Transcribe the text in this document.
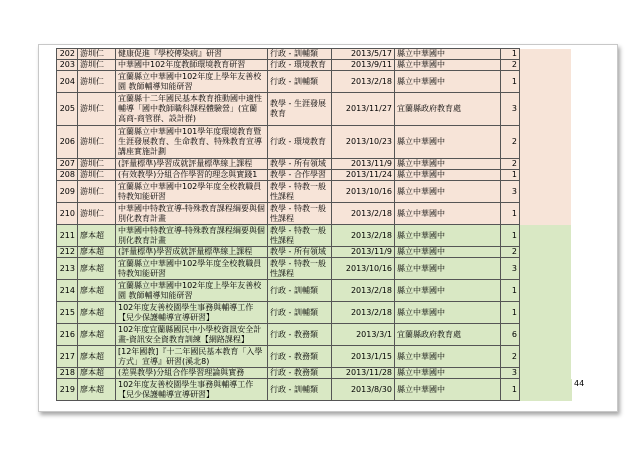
202	游圳仁	健康促進『學校傳染病』研習	行政 - 訓輔類	2013/5/17	縣立中華國中	1	
203	游圳仁	中華國中102年度教師環境教育研習	行政 - 環境教育	2013/9/11	縣立中華國中	2	
204	游圳仁	宜蘭縣立中華國中102年度上學年友善校園 教師輔導知能研習	行政 - 訓輔類	2013/2/18	縣立中華國中	1	
205	游圳仁	宜蘭縣十二年國民基本教育推動國中適性輔導「國中教師職科課程體驗營」(宜蘭高商-商管群、設計群)	教學 - 生涯發展教育	2013/11/27	宜蘭縣政府教育處	3	
206	游圳仁	宜蘭縣立中華國中101學年度環境教育暨生涯發展教育、生命教育、特殊教育宣導講座實施計劃	行政 - 環境教育	2013/10/23	縣立中華國中	2	
207	游圳仁	(評量標準)學習成就評量標準線上課程	教學 - 所有領域	2013/11/9	縣立中華國中	2	
208	游圳仁	(有效教學)分組合作學習的理念與實踐1	教學 - 合作學習	2013/11/24	縣立中華國中	1	
209	游圳仁	宜蘭縣立中華國中102學年度全校教職員特教知能研習	教學 - 特教一般性課程	2013/10/16	縣立中華國中	3	
210	游圳仁	中華國中特教宣導-特殊教育課程綱要與個別化教育計畫	教學 - 特教一般性課程	2013/2/18	縣立中華國中	1	
211	廖本超	中華國中特教宣導-特殊教育課程綱要與個別化教育計畫	教學 - 特教一般性課程	2013/2/18	縣立中華國中	1	
212	廖本超	(評量標準)學習成就評量標準線上課程	教學 - 所有領域	2013/11/9	縣立中華國中	2	
213	廖本超	宜蘭縣立中華國中102學年度全校教職員特教知能研習	教學 - 特教一般性課程	2013/10/16	縣立中華國中	3	
214	廖本超	宜蘭縣立中華國中102年度上學年友善校園 教師輔導知能研習	行政 - 訓輔類	2013/2/18	縣立中華國中	1	
215	廖本超	102年度友善校園學生事務與輔導工作【兒少保護輔導宣導研習】	行政 - 訓輔類	2013/2/18	縣立中華國中	1	
216	廖本超	102年度宜蘭縣國民中小學校資訊安全計畫-資訊安全資教育訓練【網路課程】	行政 - 教務類	2013/3/1	宜蘭縣政府教育處	6	
217	廖本超	[12年國教]『十二年國民基本教育「入學方式」宣導』研習(溪北8)	行政 - 教務類	2013/1/15	縣立中華國中	2	
218	廖本超	(差異教學)分組合作學習理論與實務	行政 - 教務類	2013/11/28	縣立中華國中	3	
219	廖本超	102年度友善校園學生事務與輔導工作【兒少保護輔導宣導研習】	行政 - 訓輔類	2013/8/30	縣立中華國中	1	
44
